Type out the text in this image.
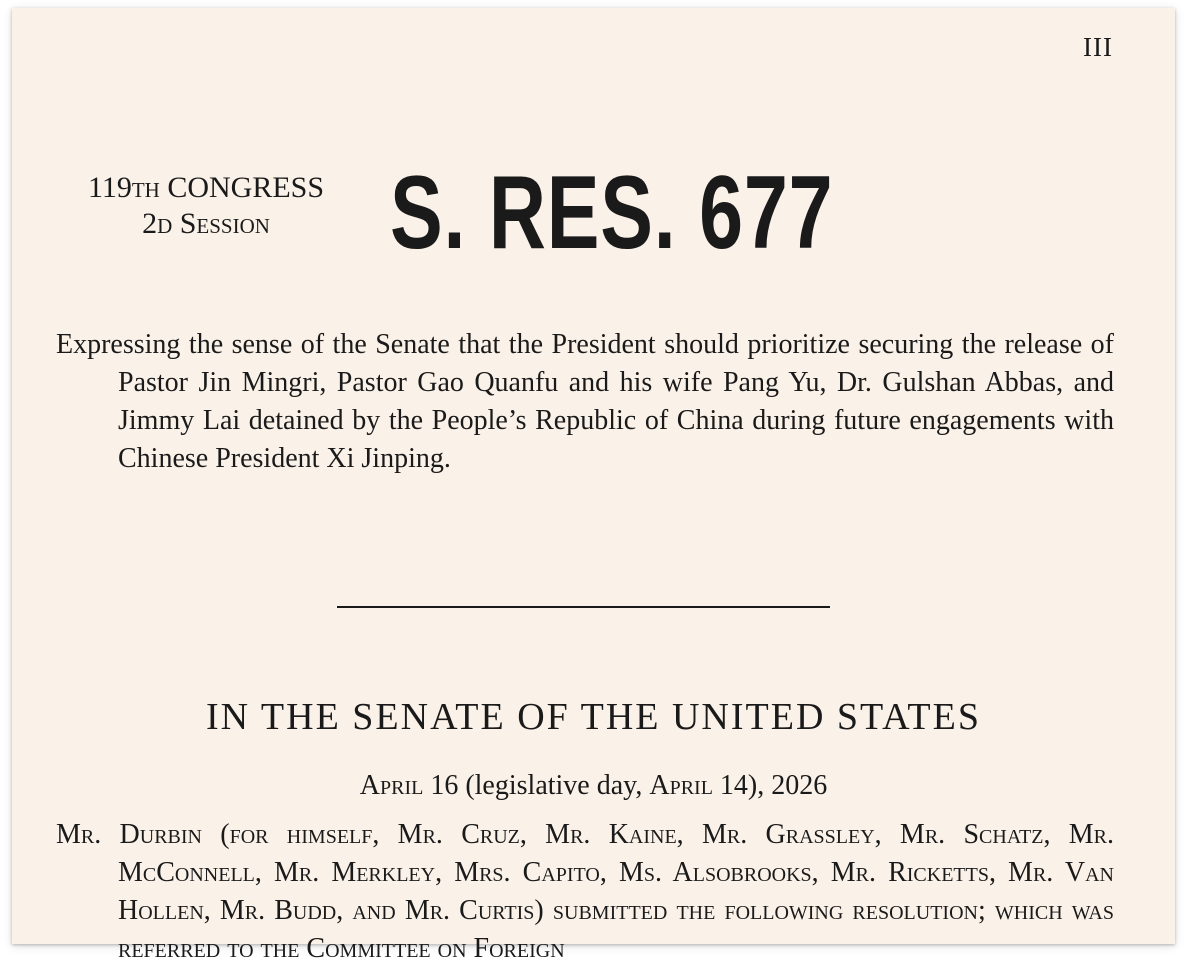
III
119th CONGRESS
2d Session	S. RES. 677
Expressing the sense of the Senate that the President should prioritize securing the release of Pastor Jin Mingri, Pastor Gao Quanfu and his wife Pang Yu, Dr. Gulshan Abbas, and Jimmy Lai detained by the People’s Republic of China during future engagements with Chinese President Xi Jinping.
IN THE SENATE OF THE UNITED STATES
April 16 (legislative day, April 14), 2026
Mr. Durbin (for himself, Mr. Cruz, Mr. Kaine, Mr. Grassley, Mr. Schatz, Mr. McConnell, Mr. Merkley, Mrs. Capito, Ms. Alsobrooks, Mr. Ricketts, Mr. Van Hollen, Mr. Budd, and Mr. Curtis) submitted the following resolution; which was referred to the Committee on Foreign
